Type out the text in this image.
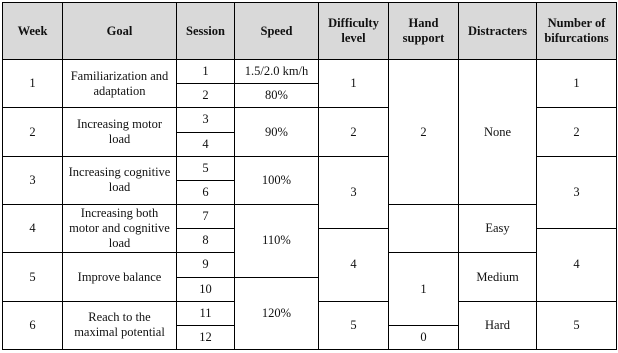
Week	Goal	Session	Speed	Difficulty level	Hand support	Distracters	Number of bifurcations
1	Familiarization and adaptation	1	1.5/2.0 km/h	1	2	None	1
		2	80%				
2	Increasing motor load	3	90%	2			2
		4					
3	Increasing cognitive load	5	100%	3			3
		6					
4	Increasing both motor and cognitive load	7	110%			Easy	
		8		4			4
5	Improve balance	9			1	Medium	
		10	120%				
6	Reach to the maximal potential	11		5		Hard	5
		12			0		
